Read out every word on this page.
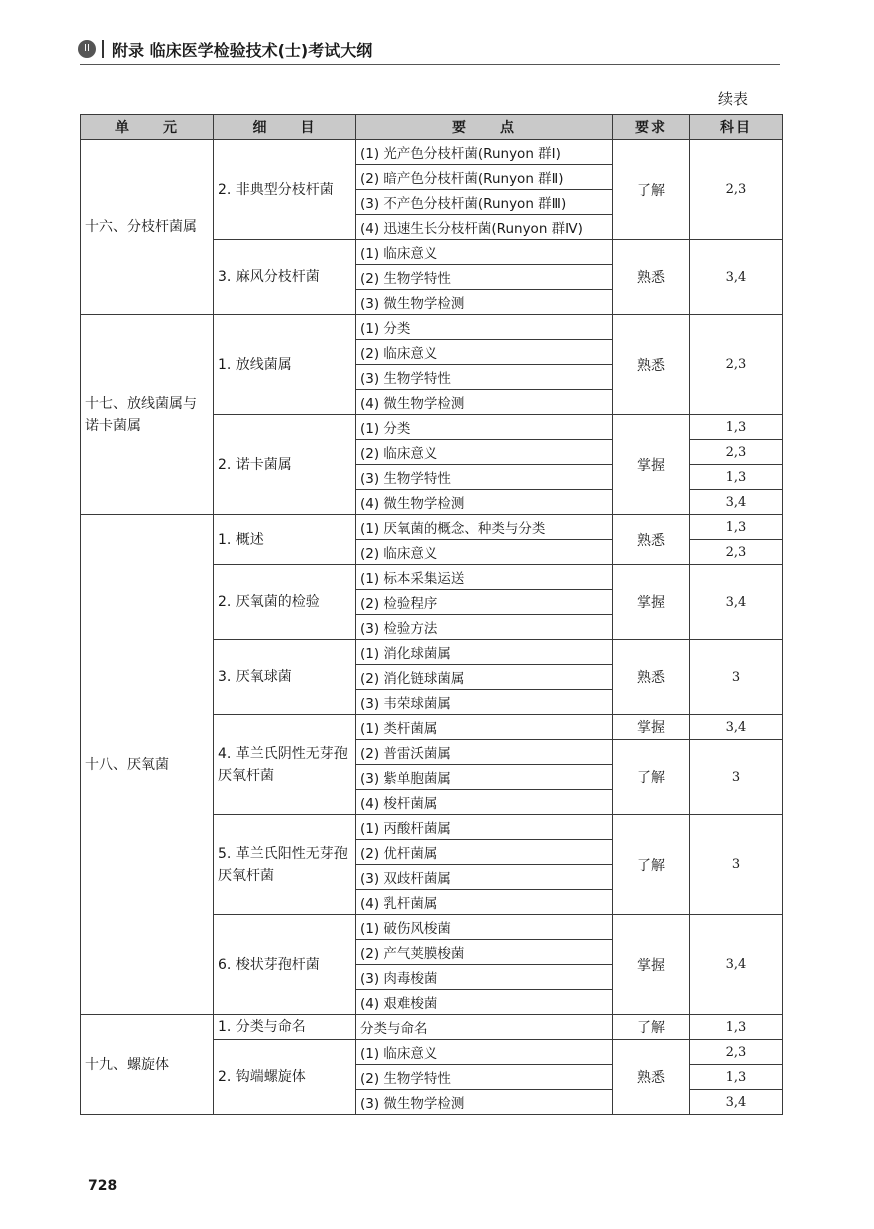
II	附录 临床医学检验技术(士)考试大纲
续表
单　　元	细　　目	要　　点	要求	科目
十六、分枝杆菌属	2. 非典型分枝杆菌	(1) 光产色分枝杆菌(Runyon 群Ⅰ)	了解	2,3
		(2) 暗产色分枝杆菌(Runyon 群Ⅱ)		
		(3) 不产色分枝杆菌(Runyon 群Ⅲ)		
		(4) 迅速生长分枝杆菌(Runyon 群Ⅳ)		
	3. 麻风分枝杆菌	(1) 临床意义	熟悉	3,4
		(2) 生物学特性		
		(3) 微生物学检测		
十七、放线菌属与诺卡菌属	1. 放线菌属	(1) 分类	熟悉	2,3
		(2) 临床意义		
		(3) 生物学特性		
		(4) 微生物学检测		
	2. 诺卡菌属	(1) 分类	掌握	1,3
		(2) 临床意义		2,3
		(3) 生物学特性		1,3
		(4) 微生物学检测		3,4
十八、厌氧菌	1. 概述	(1) 厌氧菌的概念、种类与分类	熟悉	1,3
		(2) 临床意义		2,3
	2. 厌氧菌的检验	(1) 标本采集运送	掌握	3,4
		(2) 检验程序		
		(3) 检验方法		
	3. 厌氧球菌	(1) 消化球菌属	熟悉	3
		(2) 消化链球菌属		
		(3) 韦荣球菌属		
	4. 革兰氏阴性无芽孢厌氧杆菌	(1) 类杆菌属	掌握	3,4
		(2) 普雷沃菌属	了解	3
		(3) 紫单胞菌属		
		(4) 梭杆菌属		
	5. 革兰氏阳性无芽孢厌氧杆菌	(1) 丙酸杆菌属	了解	3
		(2) 优杆菌属		
		(3) 双歧杆菌属		
		(4) 乳杆菌属		
	6. 梭状芽孢杆菌	(1) 破伤风梭菌	掌握	3,4
		(2) 产气荚膜梭菌		
		(3) 肉毒梭菌		
		(4) 艰难梭菌		
十九、螺旋体	1. 分类与命名	分类与命名	了解	1,3
	2. 钩端螺旋体	(1) 临床意义	熟悉	2,3
		(2) 生物学特性		1,3
		(3) 微生物学检测		3,4
728
